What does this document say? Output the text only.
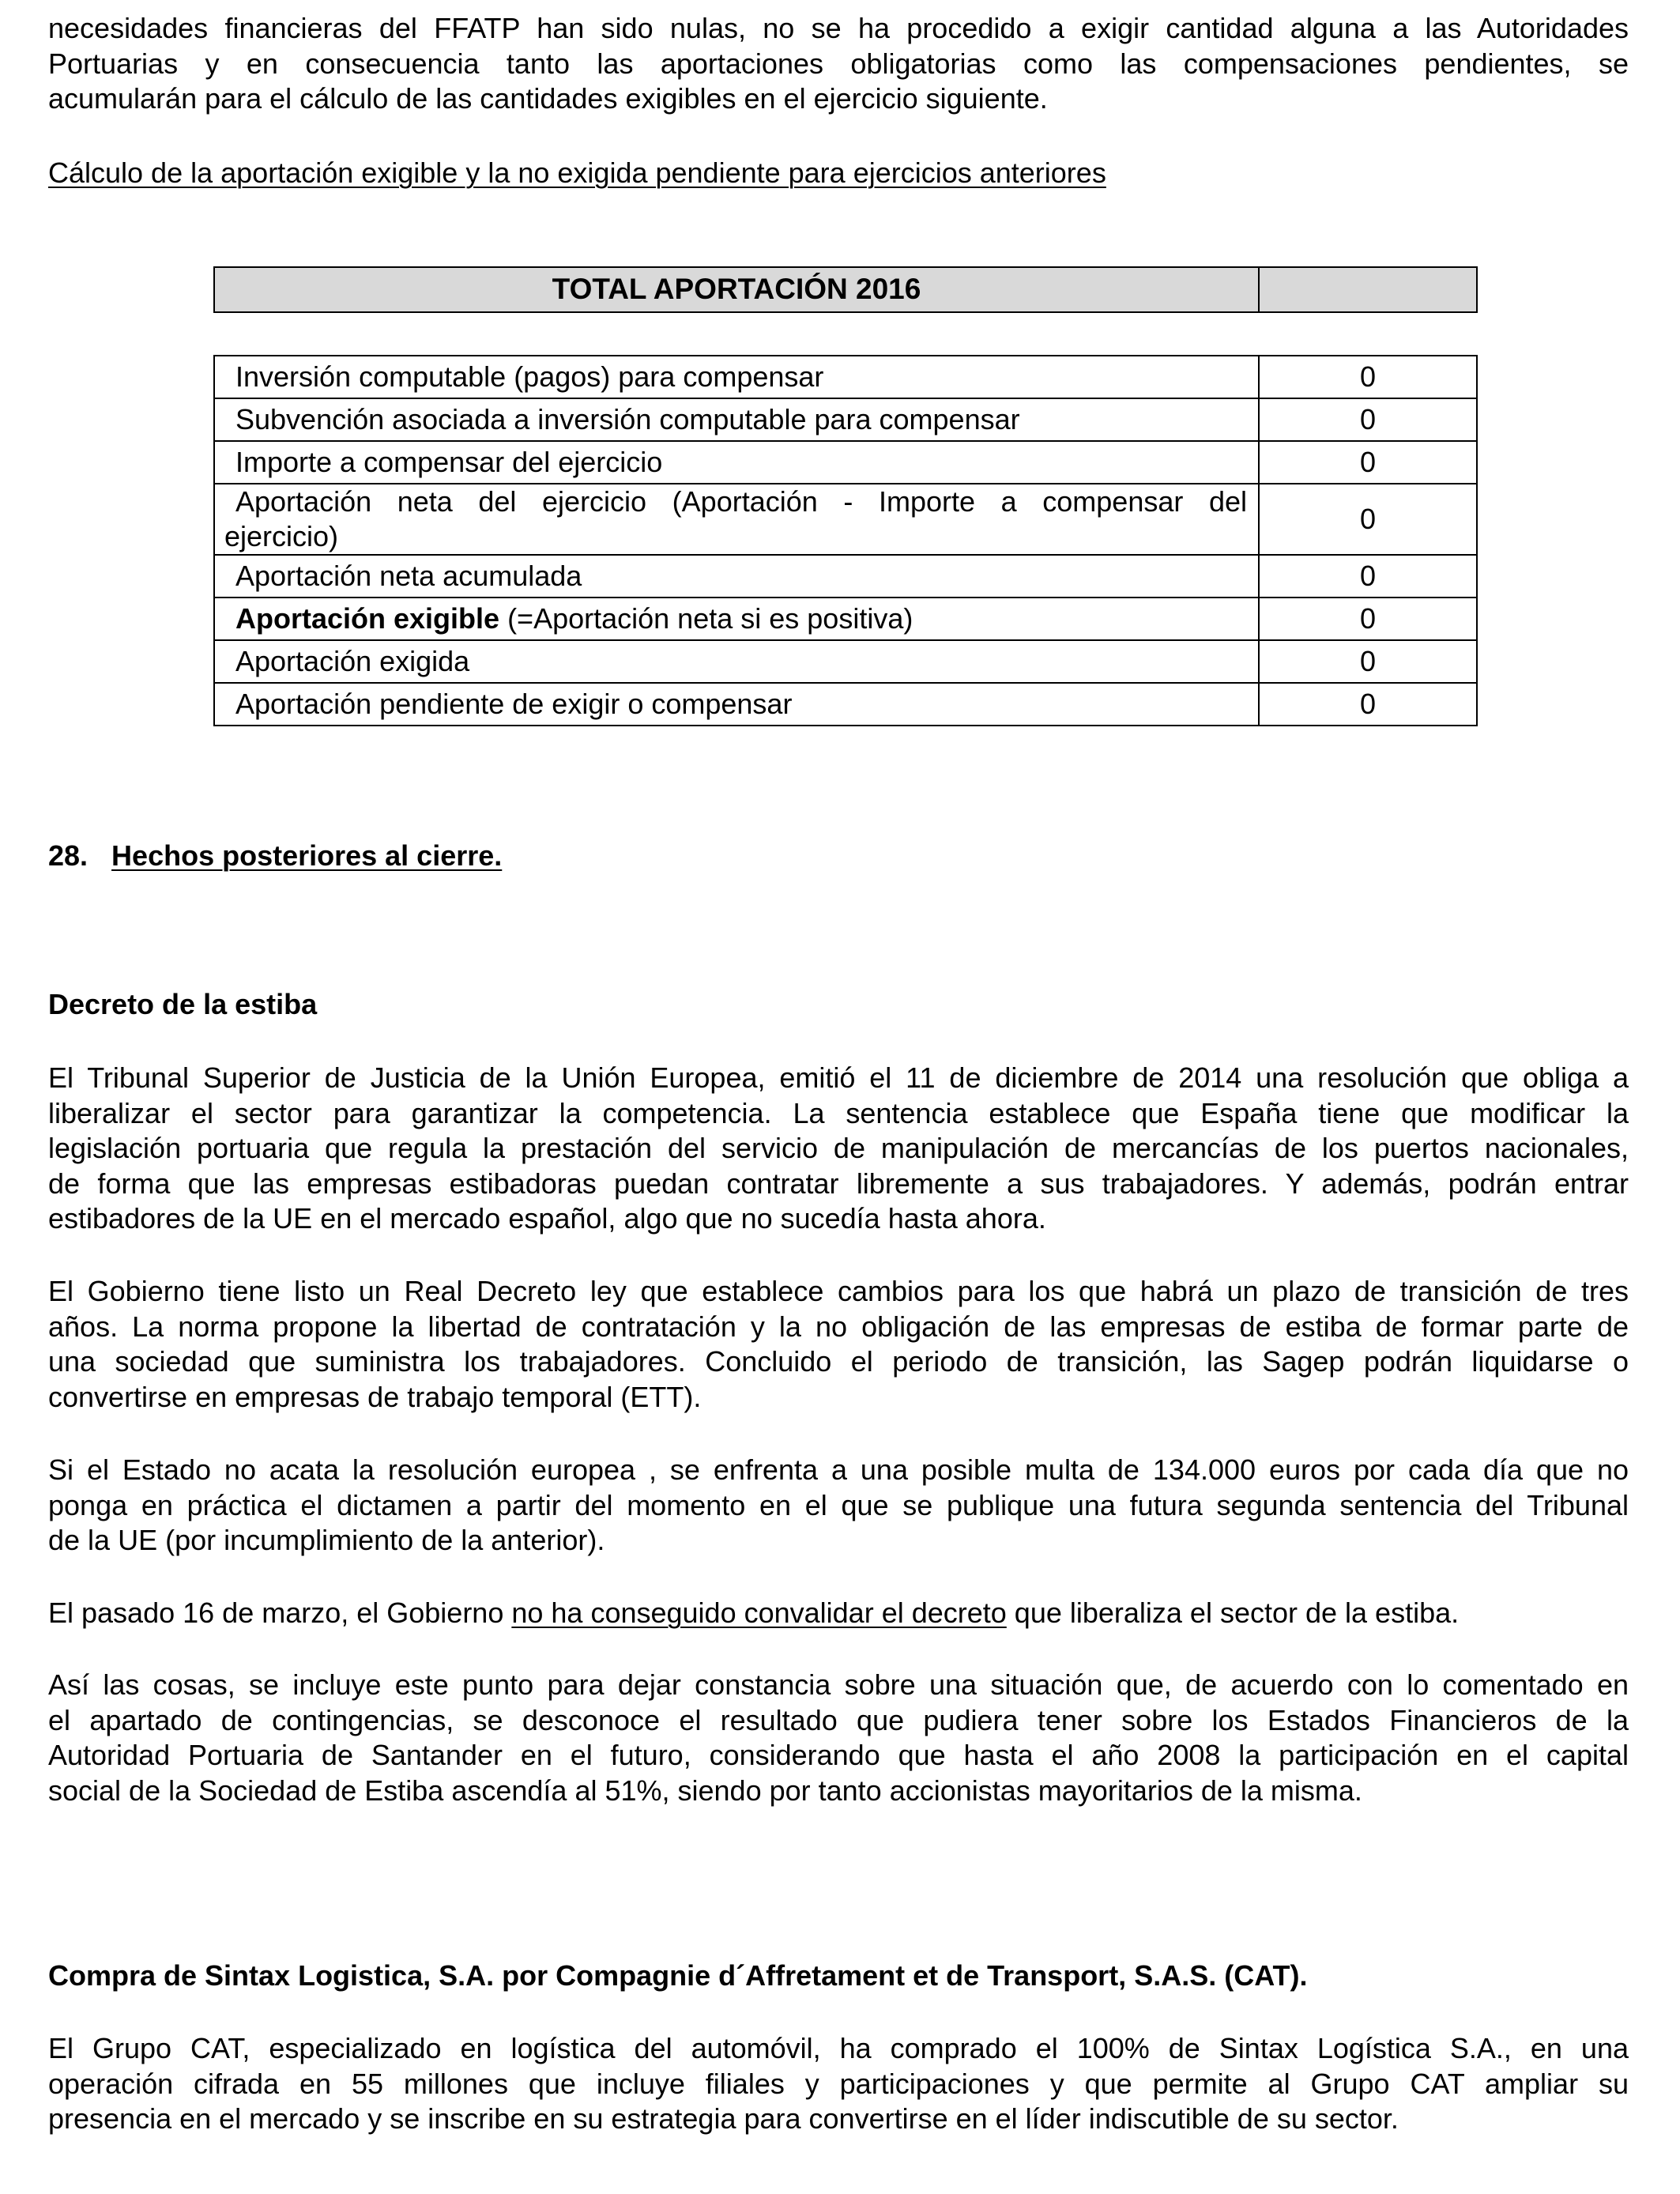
necesidades financieras del FFATP han sido nulas, no se ha procedido a exigir cantidad alguna a las Autoridades

Portuarias y en consecuencia tanto las aportaciones obligatorias como las compensaciones pendientes, se

acumularán para el cálculo de las cantidades exigibles en el ejercicio siguiente.

Cálculo de la aportación exigible y la no exigida pendiente para ejercicios anteriores
TOTAL APORTACIÓN 2016	
Inversión computable (pagos) para compensar	0
Subvención asociada a inversión computable para compensar	0
Importe a compensar del ejercicio	0

Aportación neta del ejercicio (Aportación - Importe a compensar del
ejercicio)	0
Aportación neta acumulada	0
Aportación exigible (=Aportación neta si es positiva)	0
Aportación exigida	0
Aportación pendiente de exigir o compensar	0
28. Hechos posteriores al cierre.
Decreto de la estiba

El Tribunal Superior de Justicia de la Unión Europea, emitió el 11 de diciembre de 2014 una resolución que obliga a

liberalizar el sector para garantizar la competencia. La sentencia establece que España tiene que modificar la

legislación portuaria que regula la prestación del servicio de manipulación de mercancías de los puertos nacionales,

de forma que las empresas estibadoras puedan contratar libremente a sus trabajadores. Y además, podrán entrar

estibadores de la UE en el mercado español, algo que no sucedía hasta ahora.

El Gobierno tiene listo un Real Decreto ley que establece cambios para los que habrá un plazo de transición de tres

años. La norma propone la libertad de contratación y la no obligación de las empresas de estiba de formar parte de

una sociedad que suministra los trabajadores. Concluido el periodo de transición, las Sagep podrán liquidarse o

convertirse en empresas de trabajo temporal (ETT).

Si el Estado no acata la resolución europea , se enfrenta a una posible multa de 134.000 euros por cada día que no

ponga en práctica el dictamen a partir del momento en el que se publique una futura segunda sentencia del Tribunal

de la UE (por incumplimiento de la anterior).

El pasado 16 de marzo, el Gobierno no ha conseguido convalidar el decreto que liberaliza el sector de la estiba.

Así las cosas, se incluye este punto para dejar constancia sobre una situación que, de acuerdo con lo comentado en

el apartado de contingencias, se desconoce el resultado que pudiera tener sobre los Estados Financieros de la

Autoridad Portuaria de Santander en el futuro, considerando que hasta el año 2008 la participación en el capital

social de la Sociedad de Estiba ascendía al 51%, siendo por tanto accionistas mayoritarios de la misma.

Compra de Sintax Logistica, S.A. por Compagnie d´Affretament et de Transport, S.A.S. (CAT).

El Grupo CAT, especializado en logística del automóvil, ha comprado el 100% de Sintax Logística S.A., en una

operación cifrada en 55 millones que incluye filiales y participaciones y que permite al Grupo CAT ampliar su

presencia en el mercado y se inscribe en su estrategia para convertirse en el líder indiscutible de su sector.
